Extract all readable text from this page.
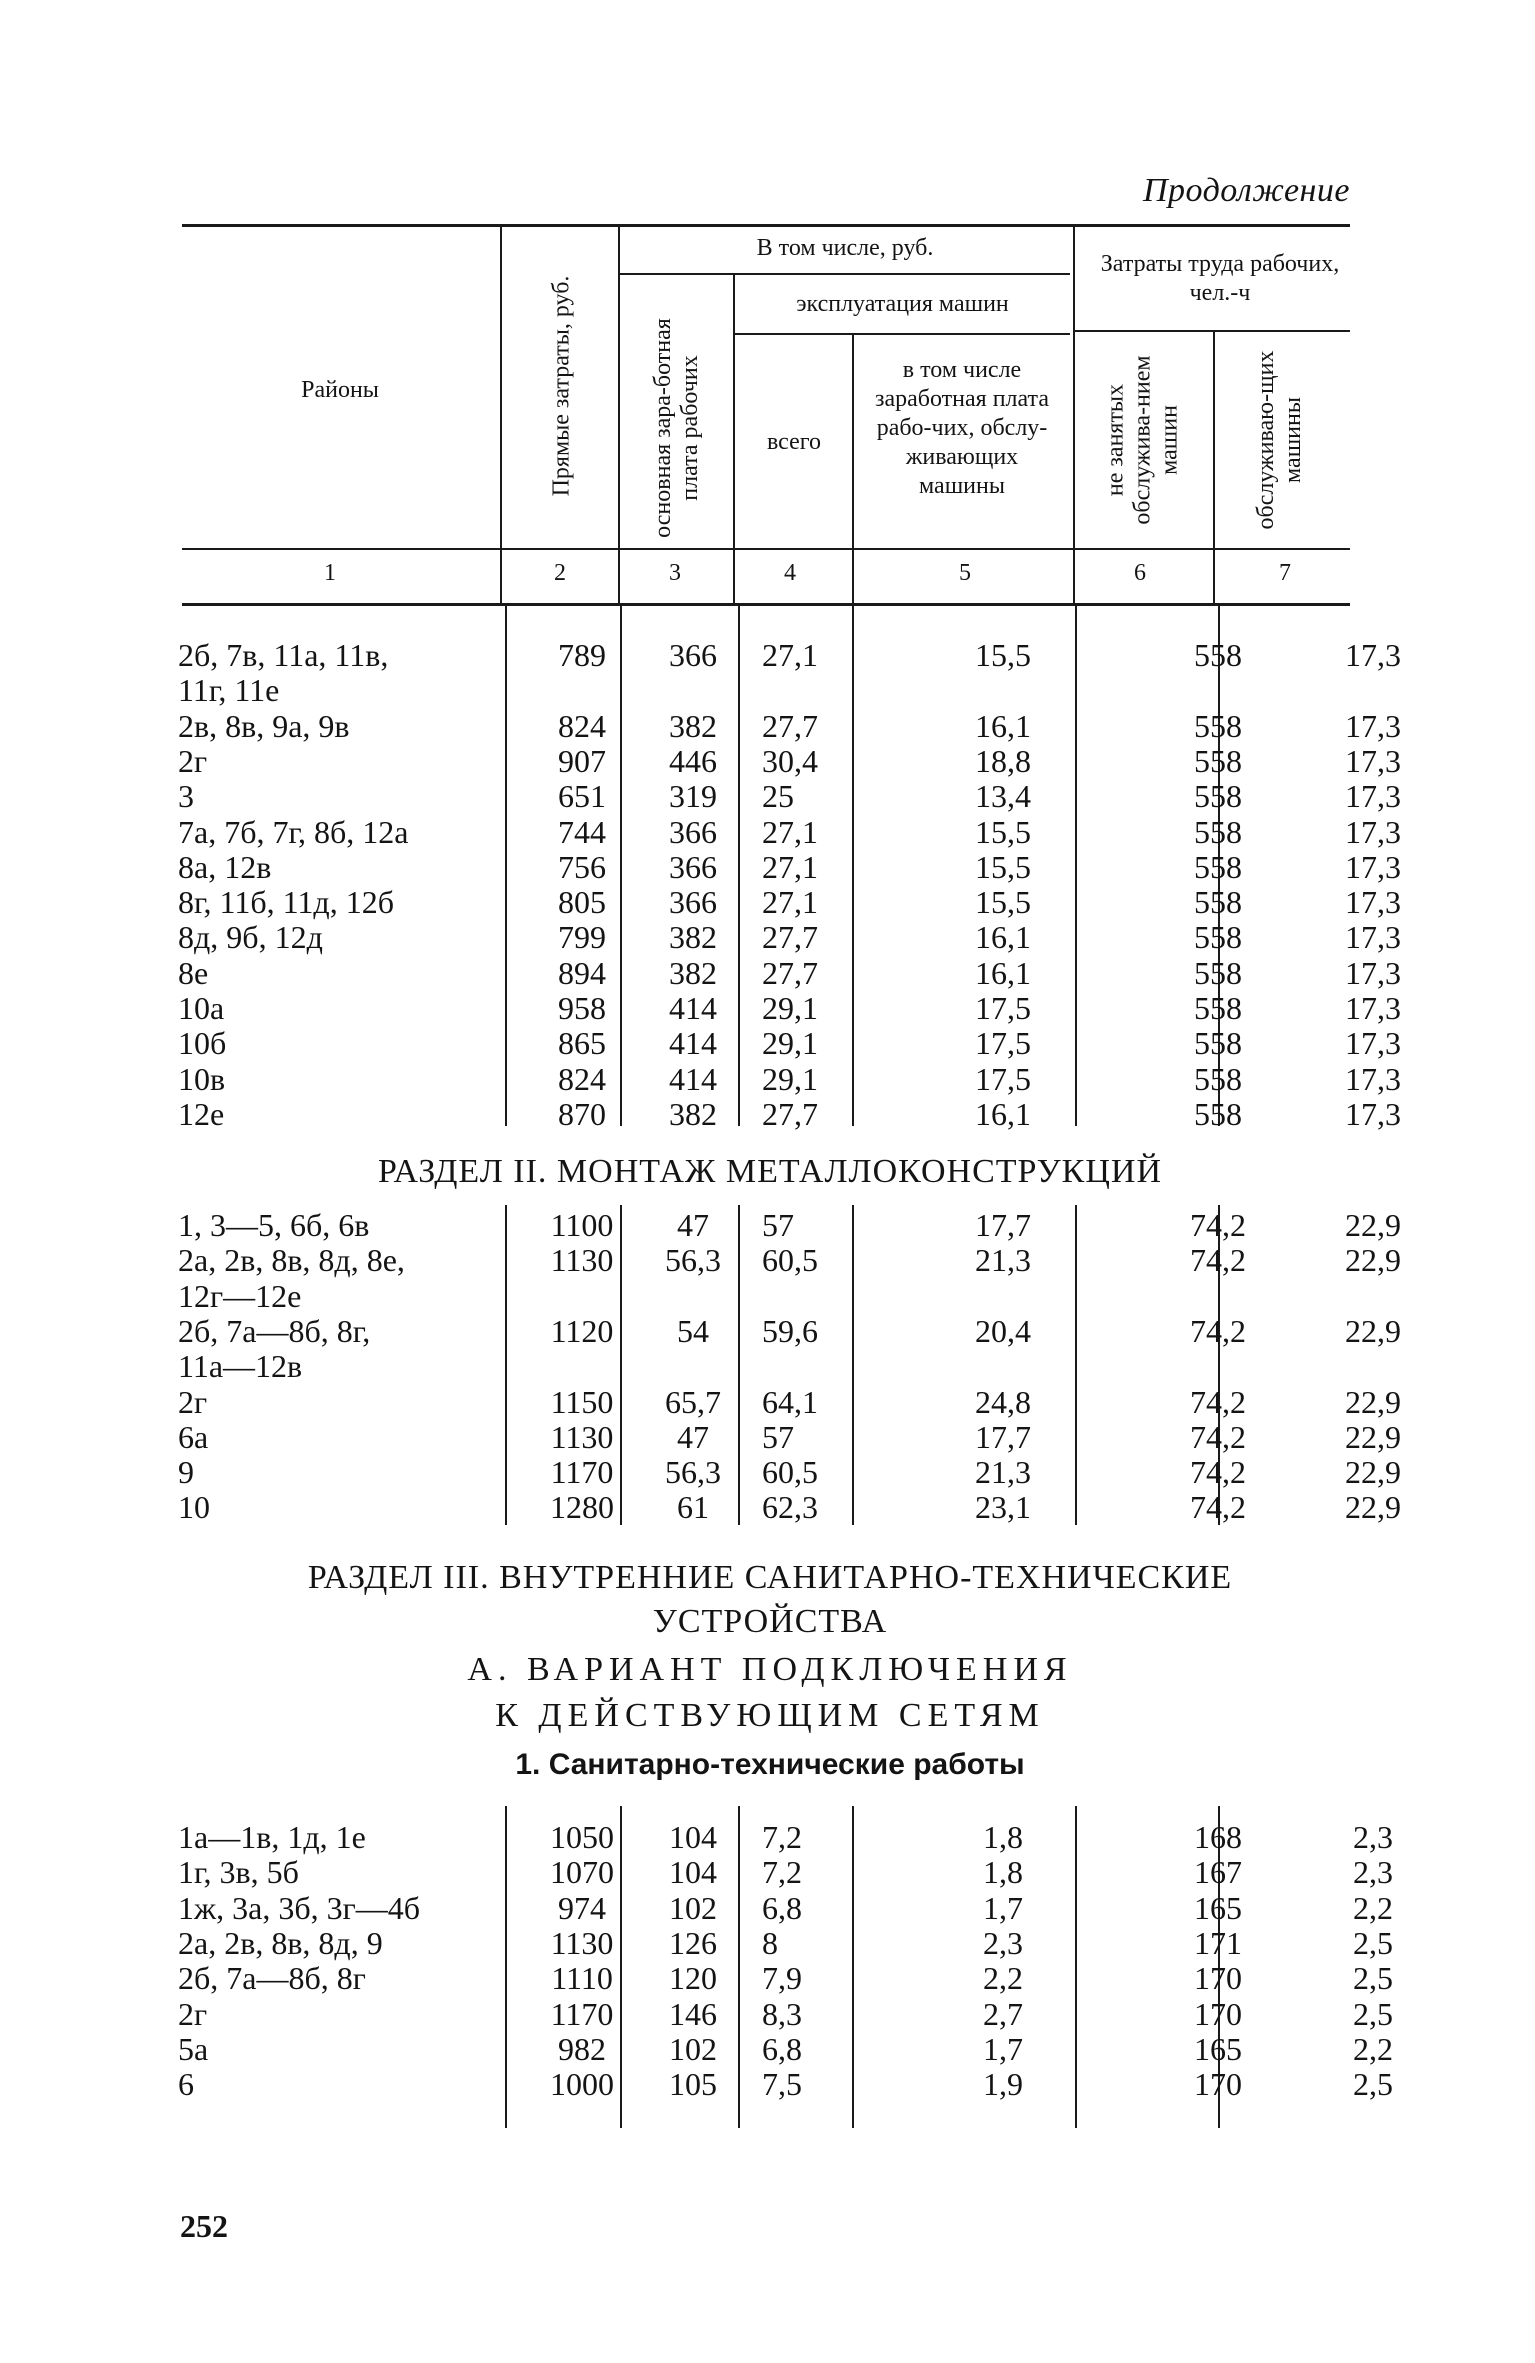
Продолжение
Районы	Прямые затраты, руб.
В том числе, руб.
основная зара-ботная плата рабочих
эксплуатация машин
всего
в том числе заработная плата рабо-чих, обслу-живающих машины
Затраты труда рабочих, чел.-ч
не занятых обслужива-нием машин	обслуживаю-щих машины
1	2	3	4	5	6	7
2б, 7в, 11а, 11в,	789	366	27,1	15,5	558	17,3
11г, 11е
2в, 8в, 9а, 9в	824	382	27,7	16,1	558	17,3
2г	907	446	30,4	18,8	558	17,3
3	651	319	25	13,4	558	17,3
7а, 7б, 7г, 8б, 12а	744	366	27,1	15,5	558	17,3
8а, 12в	756	366	27,1	15,5	558	17,3
8г, 11б, 11д, 12б	805	366	27,1	15,5	558	17,3
8д, 9б, 12д	799	382	27,7	16,1	558	17,3
8е	894	382	27,7	16,1	558	17,3
10а	958	414	29,1	17,5	558	17,3
10б	865	414	29,1	17,5	558	17,3
10в	824	414	29,1	17,5	558	17,3
12е	870	382	27,7	16,1	558	17,3
РАЗДЕЛ II. МОНТАЖ МЕТАЛЛОКОНСТРУКЦИЙ
1, 3—5, 6б, 6в	1100	47	57	17,7	74,2	22,9
2а, 2в, 8в, 8д, 8е,	1130	56,3	60,5	21,3	74,2	22,9
12г—12е
2б, 7а—8б, 8г,	1120	54	59,6	20,4	74,2	22,9
11а—12в
2г	1150	65,7	64,1	24,8	74,2	22,9
6а	1130	47	57	17,7	74,2	22,9
9	1170	56,3	60,5	21,3	74,2	22,9
10	1280	61	62,3	23,1	74,2	22,9
РАЗДЕЛ III. ВНУТРЕННИЕ САНИТАРНО-ТЕХНИЧЕСКИЕ
УСТРОЙСТВА
А. ВАРИАНТ ПОДКЛЮЧЕНИЯ
К ДЕЙСТВУЮЩИМ СЕТЯМ
1. Санитарно-технические работы
1а—1в, 1д, 1е	1050	104	7,2	1,8	168	2,3
1г, 3в, 5б	1070	104	7,2	1,8	167	2,3
1ж, 3а, 3б, 3г—4б	974	102	6,8	1,7	165	2,2
2а, 2в, 8в, 8д, 9	1130	126	8	2,3	171	2,5
2б, 7а—8б, 8г	1110	120	7,9	2,2	170	2,5
2г	1170	146	8,3	2,7	170	2,5
5а	982	102	6,8	1,7	165	2,2
6	1000	105	7,5	1,9	170	2,5
252
